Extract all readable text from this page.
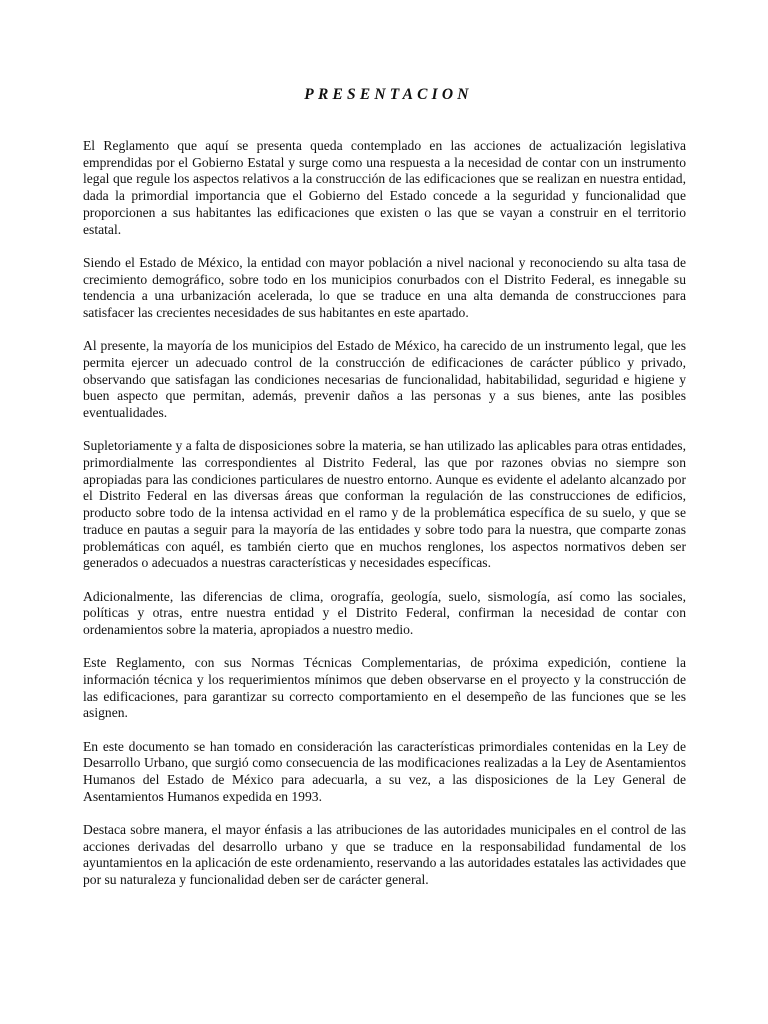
PRESENTACION

El Reglamento que aquí se presenta queda contemplado en las acciones de actualización legislativa emprendidas por el Gobierno Estatal y surge como una respuesta a la necesidad de contar con un instrumento legal que regule los aspectos relativos a la construcción de las edificaciones que se realizan en nuestra entidad, dada la primordial importancia que el Gobierno del Estado concede a la seguridad y funcionalidad que proporcionen a sus habitantes las edificaciones que existen o las que se vayan a construir en el territorio estatal.

Siendo el Estado de México, la entidad con mayor población a nivel nacional y reconociendo su alta tasa de crecimiento demográfico, sobre todo en los municipios conurbados con el Distrito Federal, es innegable su tendencia a una urbanización acelerada, lo que se traduce en una alta demanda de construcciones para satisfacer las crecientes necesidades de sus habitantes en este apartado.

Al presente, la mayoría de los municipios del Estado de México, ha carecido de un instrumento legal, que les permita ejercer un adecuado control de la construcción de edificaciones de carácter público y privado, observando que satisfagan las condiciones necesarias de funcionalidad, habitabilidad, seguridad e higiene y buen aspecto que permitan, además, prevenir daños a las personas y a sus bienes, ante las posibles eventualidades.

Supletoriamente y a falta de disposiciones sobre la materia, se han utilizado las aplicables para otras entidades, primordialmente las correspondientes al Distrito Federal, las que por razones obvias no siempre son apropiadas para las condiciones particulares de nuestro entorno. Aunque es evidente el adelanto alcanzado por el Distrito Federal en las diversas áreas que conforman la regulación de las construcciones de edificios, producto sobre todo de la intensa actividad en el ramo y de la problemática específica de su suelo, y que se traduce en pautas a seguir para la mayoría de las entidades y sobre todo para la nuestra, que comparte zonas problemáticas con aquél, es también cierto que en muchos renglones, los aspectos normativos deben ser generados o adecuados a nuestras características y necesidades específicas.

Adicionalmente, las diferencias de clima, orografía, geología, suelo, sismología, así como las sociales, políticas y otras, entre nuestra entidad y el Distrito Federal, confirman la necesidad de contar con ordenamientos sobre la materia, apropiados a nuestro medio.

Este Reglamento, con sus Normas Técnicas Complementarias, de próxima expedición, contiene la información técnica y los requerimientos mínimos que deben observarse en el proyecto y la construcción de las edificaciones, para garantizar su correcto comportamiento en el desempeño de las funciones que se les asignen.

En este documento se han tomado en consideración las características primordiales contenidas en la Ley de Desarrollo Urbano, que surgió como consecuencia de las modificaciones realizadas a la Ley de Asentamientos Humanos del Estado de México para adecuarla, a su vez, a las disposiciones de la Ley General de Asentamientos Humanos expedida en 1993.

Destaca sobre manera, el mayor énfasis a las atribuciones de las autoridades municipales en el control de las acciones derivadas del desarrollo urbano y que se traduce en la responsabilidad fundamental de los ayuntamientos en la aplicación de este ordenamiento, reservando a las autoridades estatales las actividades que por su naturaleza y funcionalidad deben ser de carácter general.
